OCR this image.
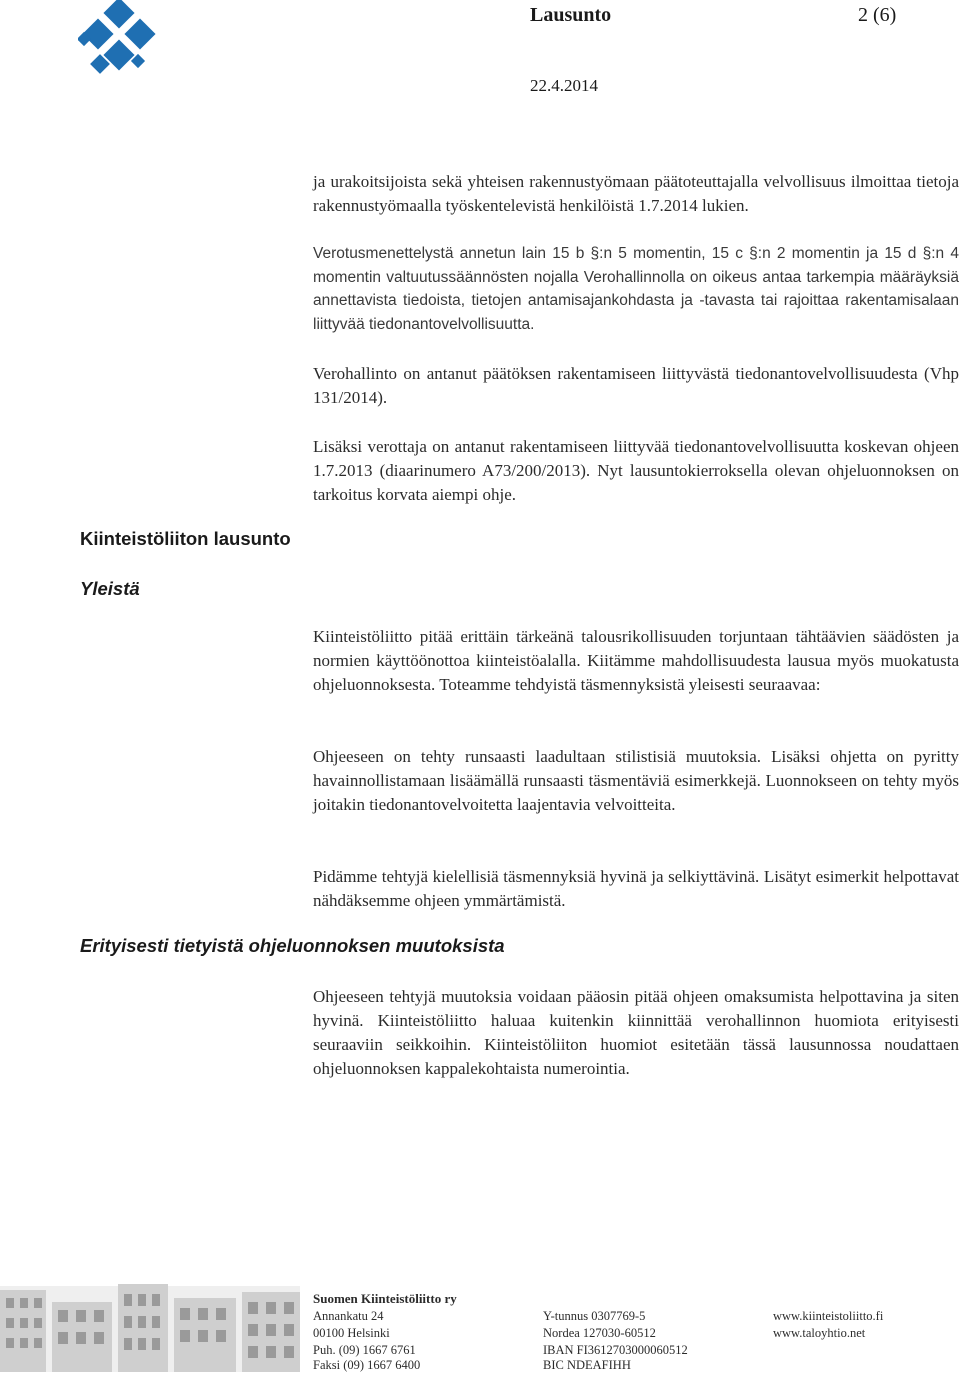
Lausunto	2 (6)
22.4.2014
ja urakoitsijoista sekä yhteisen rakennustyömaan päätoteuttajalla velvollisuus ilmoittaa tietoja rakennustyömaalla työskentelevistä henkilöistä 1.7.2014 lukien.
Verotusmenettelystä annetun lain 15 b §:n 5 momentin, 15 c §:n 2 momentin ja 15 d §:n 4 momentin valtuutussäännösten nojalla Verohallinnolla on oikeus antaa tarkempia määräyksiä annettavista tiedoista, tietojen antamisajankohdasta ja -tavasta tai rajoittaa rakentamisalaan liittyvää tiedonantovelvollisuutta.
Verohallinto on antanut päätöksen rakentamiseen liittyvästä tiedonantovelvollisuudesta (Vhp 131/2014).
Lisäksi verottaja on antanut rakentamiseen liittyvää tiedonantovelvollisuutta koskevan ohjeen 1.7.2013 (diaarinumero A73/200/2013). Nyt lausuntokierroksella olevan ohjeluonnoksen on tarkoitus korvata aiempi ohje.
Kiinteistöliiton lausunto
Yleistä
Kiinteistöliitto pitää erittäin tärkeänä talousrikollisuuden torjuntaan tähtäävien säädösten ja normien käyttöönottoa kiinteistöalalla. Kiitämme mahdollisuudesta lausua myös muokatusta ohjeluonnoksesta. Toteamme tehdyistä täsmennyksistä yleisesti seuraavaa:
Ohjeeseen on tehty runsaasti laadultaan stilistisiä muutoksia. Lisäksi ohjetta on pyritty havainnollistamaan lisäämällä runsaasti täsmentäviä esimerkkejä. Luonnokseen on tehty myös joitakin tiedonantovelvoitetta laajentavia velvoitteita.
Pidämme tehtyjä kielellisiä täsmennyksiä hyvinä ja selkiyttävinä. Lisätyt esimerkit helpottavat nähdäksemme ohjeen ymmärtämistä.
Erityisesti tietyistä ohjeluonnoksen muutoksista
Ohjeeseen tehtyjä muutoksia voidaan pääosin pitää ohjeen omaksumista helpottavina ja siten hyvinä. Kiinteistöliitto haluaa kuitenkin kiinnittää verohallinnon huomiota erityisesti seuraaviin seikkoihin. Kiinteistöliiton huomiot esitetään tässä lausunnossa noudattaen ohjeluonnoksen kappalekohtaista numerointia.
Suomen Kiinteistöliitto ry
Annankatu 24
00100 Helsinki
Puh. (09) 1667 6761
Faksi (09) 1667 6400
Y-tunnus 0307769-5
Nordea 127030-60512
IBAN FI3612703000060512
BIC NDEAFIHH
www.kiinteistoliitto.fi
www.taloyhtio.net
